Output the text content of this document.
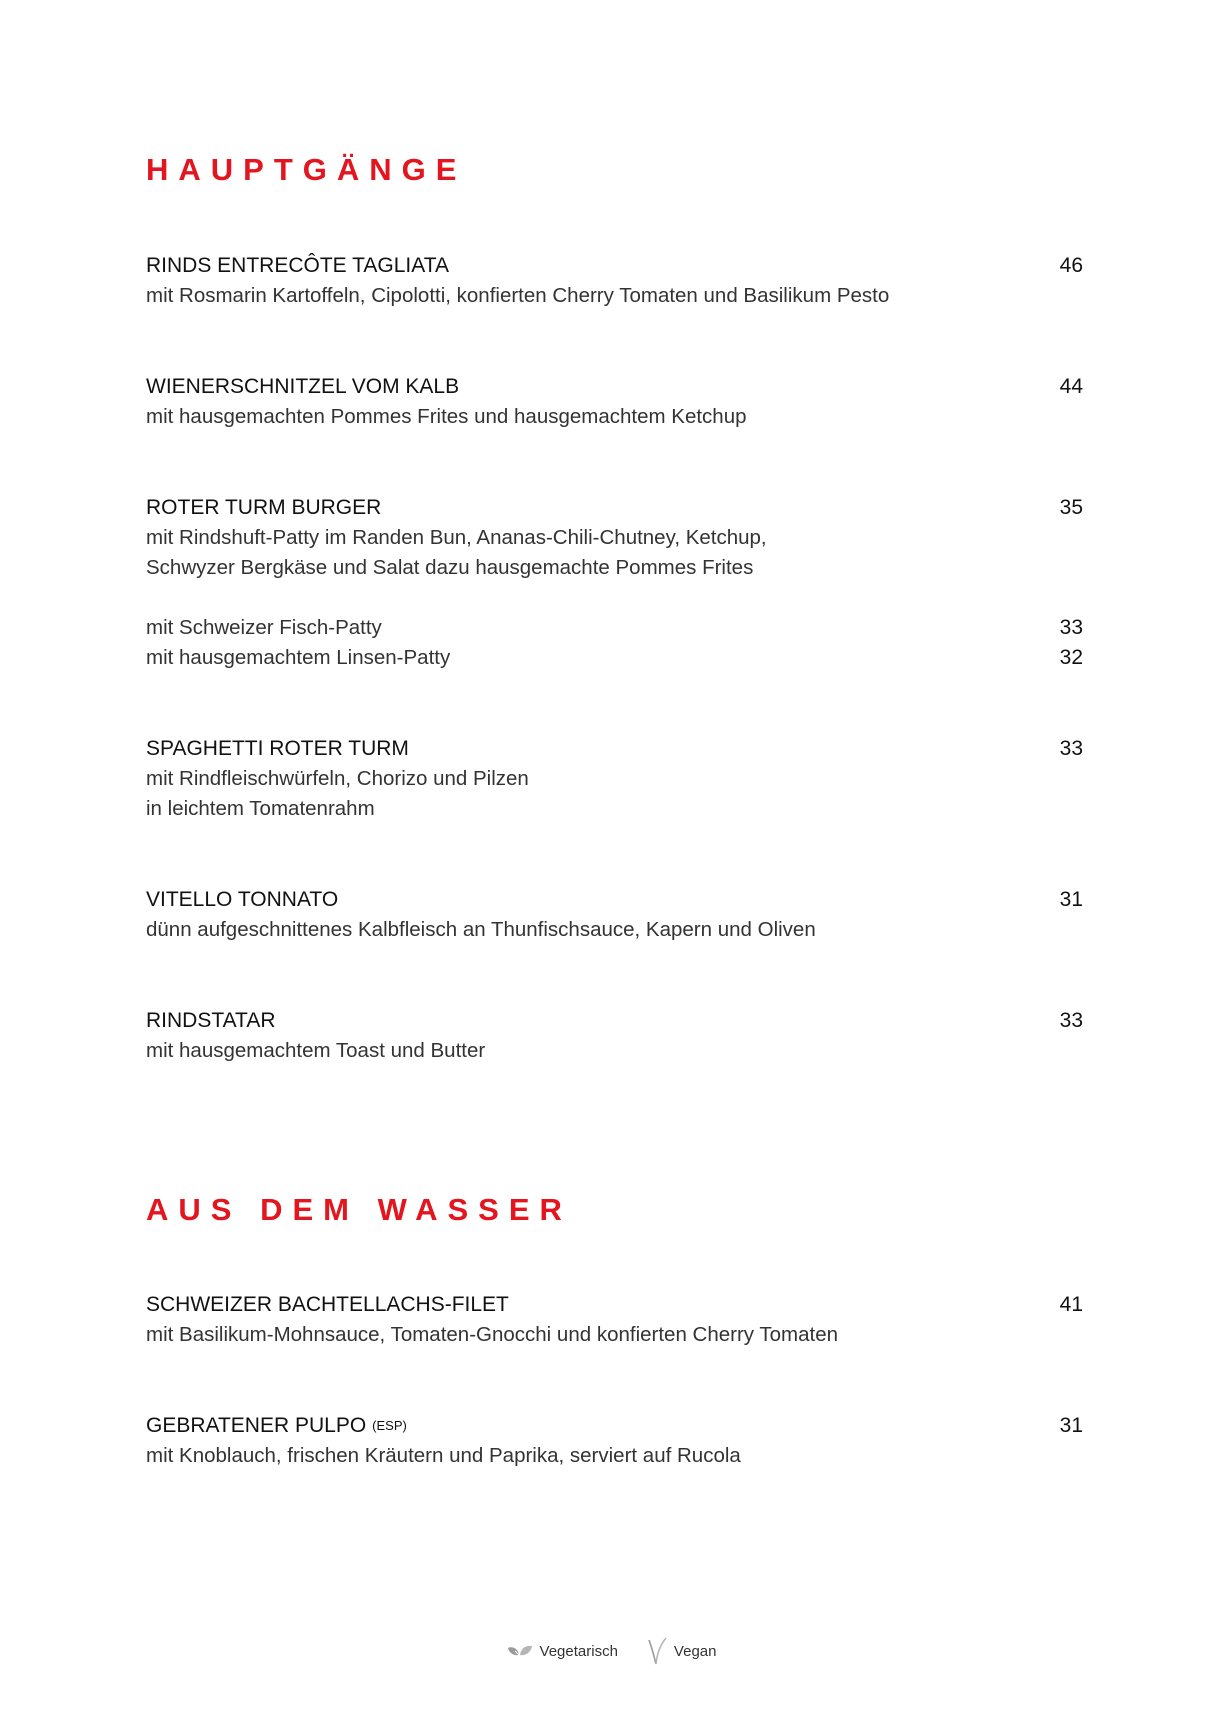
HAUPTGÄNGE
RINDS ENTRECÔTE TAGLIATA	46
mit Rosmarin Kartoffeln, Cipolotti, konfierten Cherry Tomaten und Basilikum Pesto
WIENERSCHNITZEL VOM KALB	44
mit hausgemachten Pommes Frites und hausgemachtem Ketchup
ROTER TURM BURGER	35
mit Rindshuft-Patty im Randen Bun, Ananas-Chili-Chutney, Ketchup,
Schwyzer Bergkäse und Salat dazu hausgemachte Pommes Frites
mit Schweizer Fisch-Patty	33
mit hausgemachtem Linsen-Patty	32
SPAGHETTI ROTER TURM	33
mit Rindfleischwürfeln, Chorizo und Pilzen
in leichtem Tomatenrahm
VITELLO TONNATO	31
dünn aufgeschnittenes Kalbfleisch an Thunfischsauce, Kapern und Oliven
RINDSTATAR	33
mit hausgemachtem Toast und Butter
AUS DEM WASSER
SCHWEIZER BACHTELLACHS-FILET	41
mit Basilikum-Mohnsauce, Tomaten-Gnocchi und konfierten Cherry Tomaten
GEBRATENER PULPO (ESP)	31
mit Knoblauch, frischen Kräutern und Paprika, serviert auf Rucola
Vegetarisch	Vegan
